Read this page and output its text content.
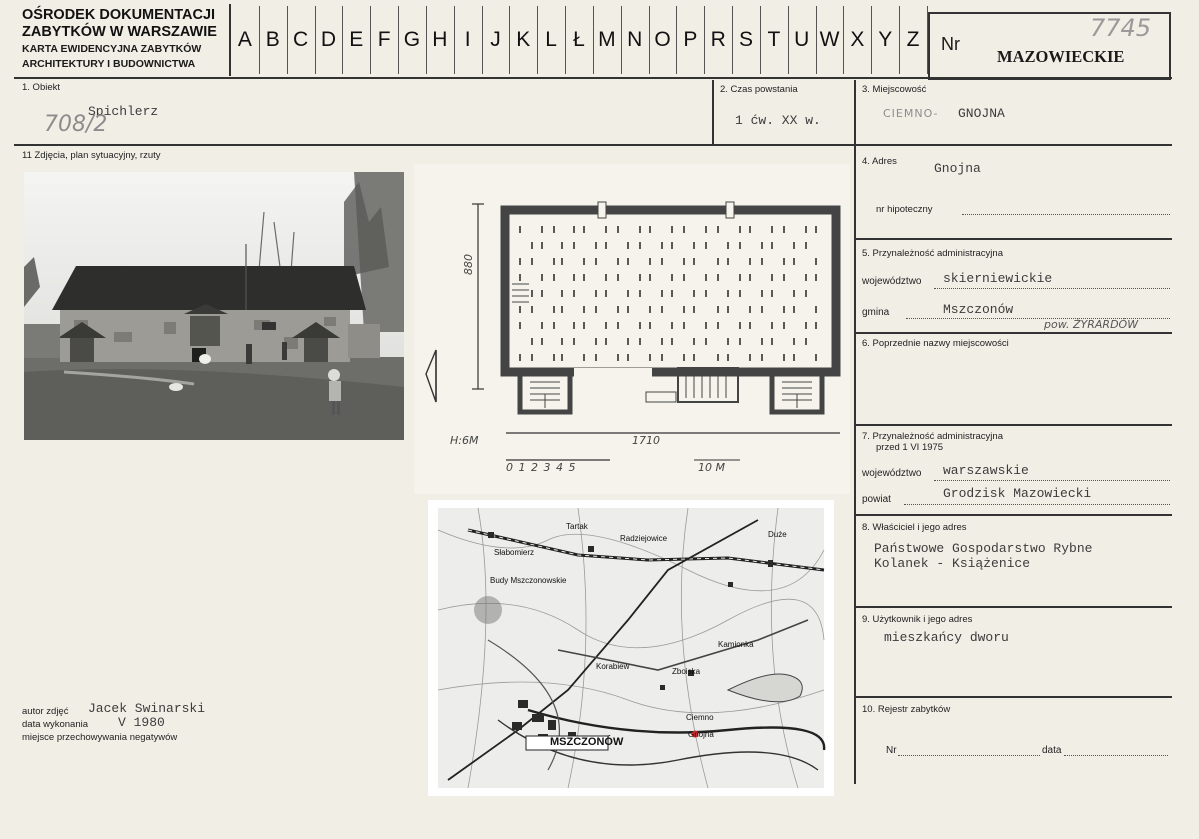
OŚRODEK DOKUMENTACJI
ZABYTKÓW W WARSZAWIE
KARTA EWIDENCYJNA ZABYTKÓW
ARCHITEKTURY I BUDOWNICTWA
A B C D E F G H I J K L Ł M N O P R S T U W X Y Z	Nr
7745
MAZOWIECKIE
1. Obiekt
Spichlerz
708/2
2. Czas powstania
1 ćw. XX w.
3. Miejscowość
CIEMNO- GNOJNA
11 Zdjęcia, plan sytuacyjny, rzuty
880
1710
H:6M
0 1 2 3 4 5	10 M
Tartak
Radziejowice	Duże
Słabomierz
Budy Mszczonowskie
Kamionka
Zboiska
Korabiew
MSZCZONÓW
Ciemno
Gnojna
autor zdjęć Jacek Swinarski
data wykonania V 1980
miejsce przechowywania negatywów
4. Adres	Gnojna
nr hipoteczny
5. Przynależność administracyjna
województwo skierniewickie
gmina	Mszczonów
pow. ŻYRARDÓW
6. Poprzednie nazwy miejscowości
7. Przynależność administracyjna
przed 1 VI 1975
województwo warszawskie
powiat	Grodzisk Mazowiecki
8. Właściciel i jego adres
Państwowe Gospodarstwo Rybne
Kolanek - Książenice
9. Użytkownik i jego adres
mieszkańcy dworu
10. Rejestr zabytków
Nr	data
